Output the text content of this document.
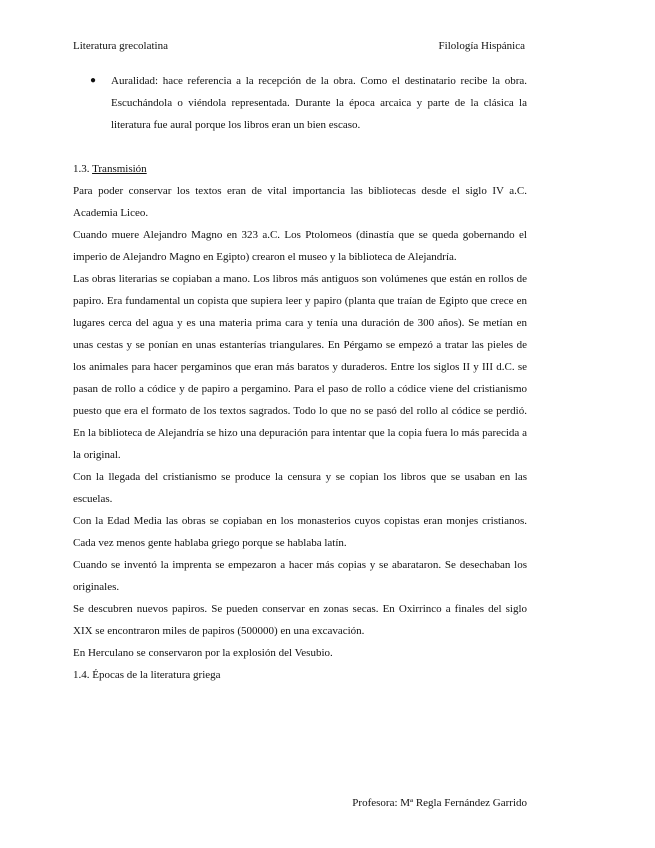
Literatura grecolatina	Filología Hispánica
● Auralidad: hace referencia a la recepción de la obra. Como el destinatario recibe la obra. Escuchándola o viéndola representada. Durante la época arcaica y parte de la clásica la literatura fue aural porque los libros eran un bien escaso.

1.3. Transmisión

Para poder conservar los textos eran de vital importancia las bibliotecas desde el siglo IV a.C. Academia Liceo.

Cuando muere Alejandro Magno en 323 a.C. Los Ptolomeos (dinastía que se queda gobernando el imperio de Alejandro Magno en Egipto) crearon el museo y la biblioteca de Alejandría.

Las obras literarias se copiaban a mano. Los libros más antiguos son volúmenes que están en rollos de papiro. Era fundamental un copista que supiera leer y papiro (planta que traían de Egipto que crece en lugares cerca del agua y es una materia prima cara y tenía una duración de 300 años). Se metían en unas cestas y se ponían en unas estanterías triangulares. En Pérgamo se empezó a tratar las pieles de los animales para hacer pergaminos que eran más baratos y duraderos. Entre los siglos II y III d.C. se pasan de rollo a códice y de papiro a pergamino. Para el paso de rollo a códice viene del cristianismo puesto que era el formato de los textos sagrados. Todo lo que no se pasó del rollo al códice se perdió. En la biblioteca de Alejandría se hizo una depuración para intentar que la copia fuera lo más parecida a la original.

Con la llegada del cristianismo se produce la censura y se copian los libros que se usaban en las escuelas.

Con la Edad Media las obras se copiaban en los monasterios cuyos copistas eran monjes cristianos. Cada vez menos gente hablaba griego porque se hablaba latín.

Cuando se inventó la imprenta se empezaron a hacer más copias y se abarataron. Se desechaban los originales.

Se descubren nuevos papiros. Se pueden conservar en zonas secas. En Oxirrinco a finales del siglo XIX se encontraron miles de papiros (500000) en una excavación.

En Herculano se conservaron por la explosión del Vesubio.

1.4. Épocas de la literatura griega

Profesora: Mª Regla Fernández Garrido
